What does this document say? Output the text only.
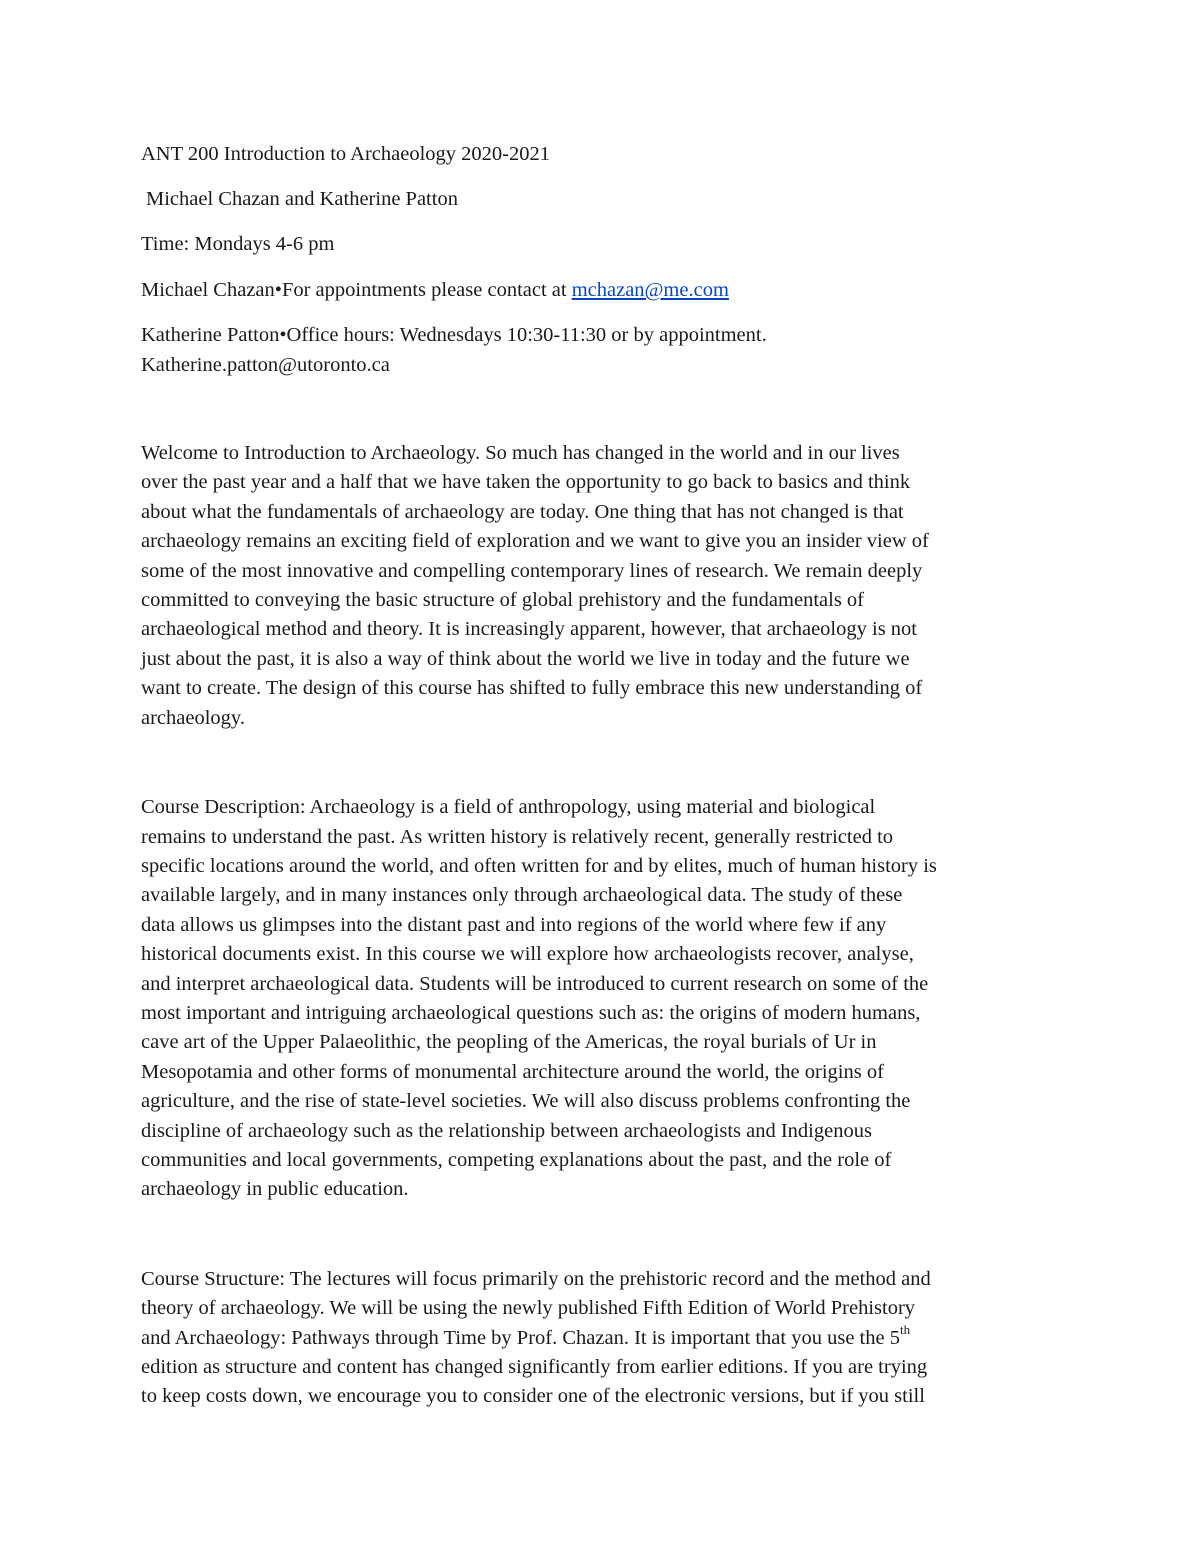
ANT 200 Introduction to Archaeology 2020-2021

Michael Chazan and Katherine Patton

Time: Mondays 4-6 pm

Michael Chazan•For appointments please contact at mchazan@me.com

Katherine Patton•Office hours: Wednesdays 10:30-11:30 or by appointment.

Katherine.patton@utoronto.ca

Welcome to Introduction to Archaeology. So much has changed in the world and in our lives

over the past year and a half that we have taken the opportunity to go back to basics and think

about what the fundamentals of archaeology are today. One thing that has not changed is that

archaeology remains an exciting field of exploration and we want to give you an insider view of

some of the most innovative and compelling contemporary lines of research. We remain deeply

committed to conveying the basic structure of global prehistory and the fundamentals of

archaeological method and theory. It is increasingly apparent, however, that archaeology is not

just about the past, it is also a way of think about the world we live in today and the future we

want to create. The design of this course has shifted to fully embrace this new understanding of

archaeology.

Course Description: Archaeology is a field of anthropology, using material and biological

remains to understand the past. As written history is relatively recent, generally restricted to

specific locations around the world, and often written for and by elites, much of human history is

available largely, and in many instances only through archaeological data. The study of these

data allows us glimpses into the distant past and into regions of the world where few if any

historical documents exist. In this course we will explore how archaeologists recover, analyse,

and interpret archaeological data. Students will be introduced to current research on some of the

most important and intriguing archaeological questions such as: the origins of modern humans,

cave art of the Upper Palaeolithic, the peopling of the Americas, the royal burials of Ur in

Mesopotamia and other forms of monumental architecture around the world, the origins of

agriculture, and the rise of state-level societies. We will also discuss problems confronting the

discipline of archaeology such as the relationship between archaeologists and Indigenous

communities and local governments, competing explanations about the past, and the role of

archaeology in public education.

Course Structure: The lectures will focus primarily on the prehistoric record and the method and

theory of archaeology. We will be using the newly published Fifth Edition of World Prehistory

and Archaeology: Pathways through Time by Prof. Chazan. It is important that you use the 5th

edition as structure and content has changed significantly from earlier editions. If you are trying

to keep costs down, we encourage you to consider one of the electronic versions, but if you still
